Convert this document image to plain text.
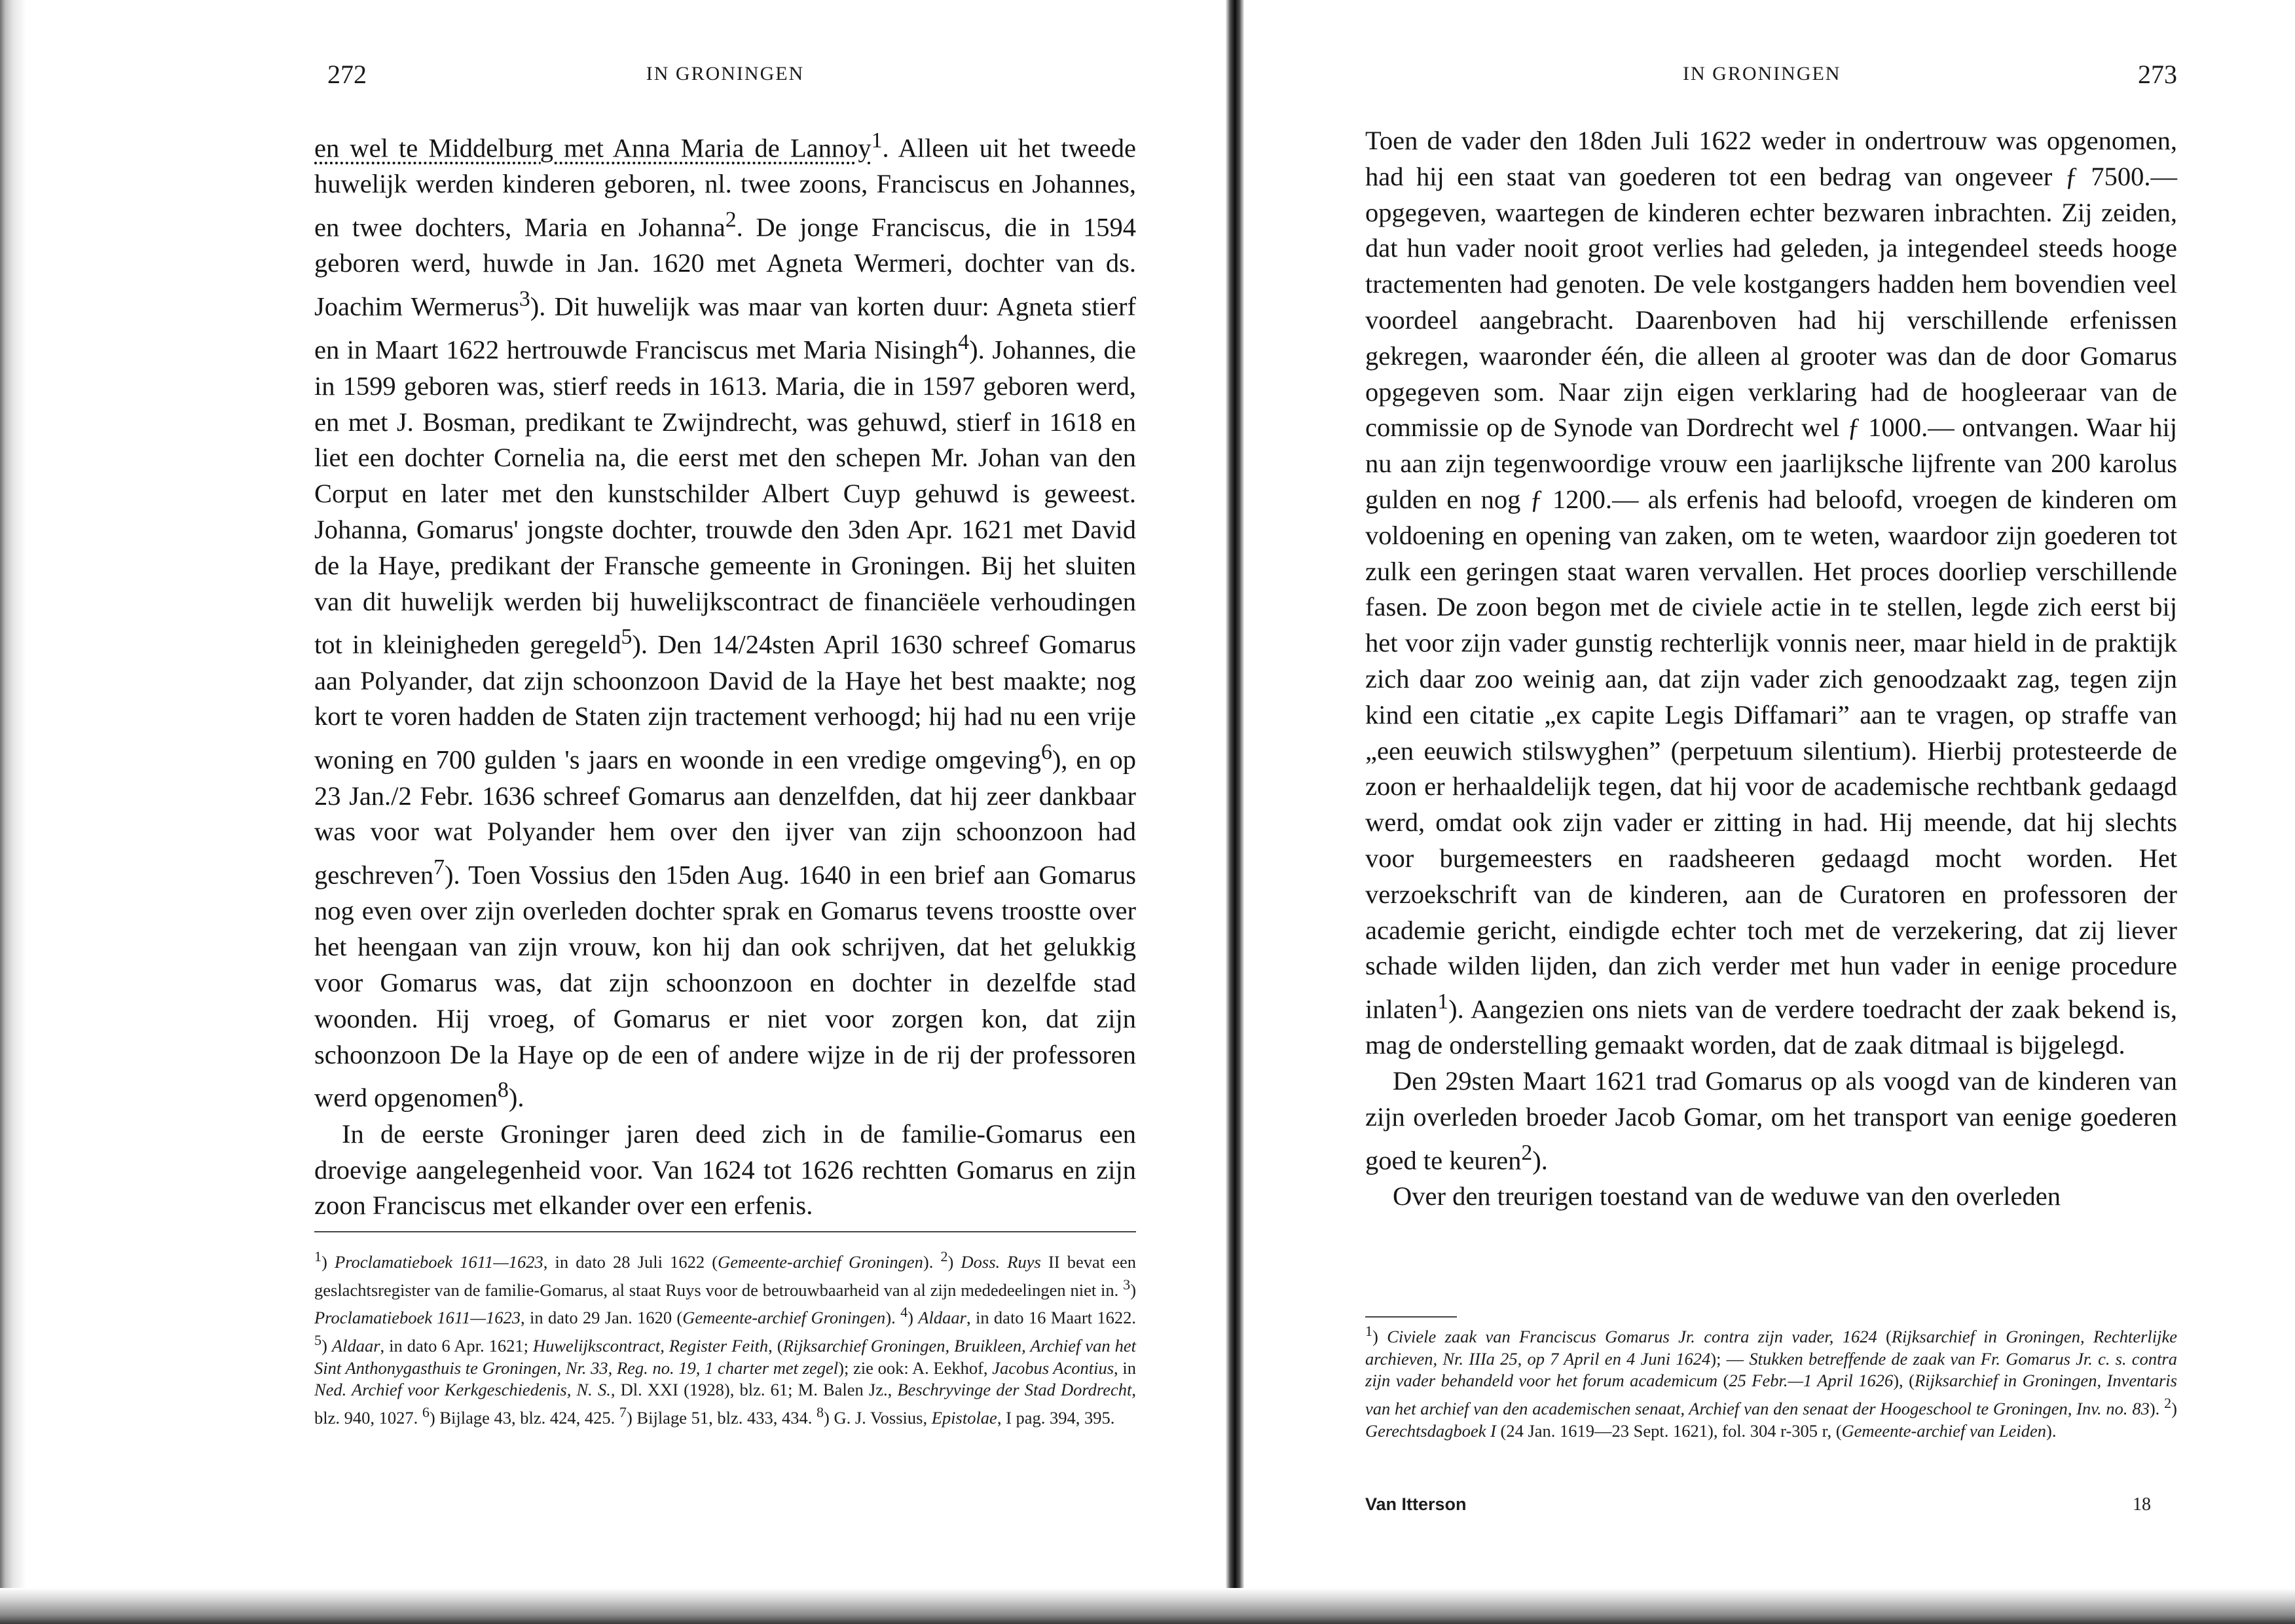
272	IN GRONINGEN

en wel te Middelburg met Anna Maria de Lannoy$^1$. Alleen uit het tweede huwelijk werden kinderen geboren, nl. twee zoons, Franciscus en Johannes, en twee dochters, Maria en Johanna$^2$. De jonge Franciscus, die in 1594 geboren werd, huwde in Jan. 1620 met Agneta Wermeri, dochter van ds. Joachim Wermerus$^3$). Dit huwelijk was maar van korten duur: Agneta stierf en in Maart 1622 hertrouwde Franciscus met Maria Nisingh$^4$). Johannes, die in 1599 geboren was, stierf reeds in 1613. Maria, die in 1597 geboren werd, en met J. Bosman, predikant te Zwijndrecht, was gehuwd, stierf in 1618 en liet een dochter Cornelia na, die eerst met den schepen Mr. Johan van den Corput en later met den kunstschilder Albert Cuyp gehuwd is geweest. Johanna, Gomarus' jongste dochter, trouwde den 3den Apr. 1621 met David de la Haye, predikant der Fransche gemeente in Groningen. Bij het sluiten van dit huwelijk werden bij huwelijkscontract de financiëele verhoudingen tot in kleinigheden geregeld$^5$). Den 14/24sten April 1630 schreef Gomarus aan Polyander, dat zijn schoonzoon David de la Haye het best maakte; nog kort te voren hadden de Staten zijn tractement verhoogd; hij had nu een vrije woning en 700 gulden 's jaars en woonde in een vredige omgeving$^6$), en op 23 Jan./2 Febr. 1636 schreef Gomarus aan denzelfden, dat hij zeer dankbaar was voor wat Polyander hem over den ijver van zijn schoonzoon had geschreven$^7$). Toen Vossius den 15den Aug. 1640 in een brief aan Gomarus nog even over zijn overleden dochter sprak en Gomarus tevens troostte over het heengaan van zijn vrouw, kon hij dan ook schrijven, dat het gelukkig voor Gomarus was, dat zijn schoonzoon en dochter in dezelfde stad woonden. Hij vroeg, of Gomarus er niet voor zorgen kon, dat zijn schoonzoon De la Haye op de een of andere wijze in de rij der professoren werd opgenomen$^8$).

In de eerste Groninger jaren deed zich in de familie-Gomarus een droevige aangelegenheid voor. Van 1624 tot 1626 rechtten Gomarus en zijn zoon Franciscus met elkander over een erfenis.

$^1$) Proclamatieboek 1611—1623, in dato 28 Juli 1622 (Gemeente-archief Groningen). $^2$) Doss. Ruys II bevat een geslachtsregister van de familie-Gomarus, al staat Ruys voor de betrouwbaarheid van al zijn mededeelingen niet in. $^3$) Proclamatieboek 1611—1623, in dato 29 Jan. 1620 (Gemeente-archief Groningen). $^4$) Aldaar, in dato 16 Maart 1622. $^5$) Aldaar, in dato 6 Apr. 1621; Huwelijkscontract, Register Feith, (Rijksarchief Groningen, Bruikleen, Archief van het Sint Anthonygasthuis te Groningen, Nr. 33, Reg. no. 19, 1 charter met zegel); zie ook: A. Eekhof, Jacobus Acontius, in Ned. Archief voor Kerkgeschiedenis, N. S., Dl. XXI (1928), blz. 61; M. Balen Jz., Beschryvinge der Stad Dordrecht, blz. 940, 1027. $^6$) Bijlage 43, blz. 424, 425. $^7$) Bijlage 51, blz. 433, 434. $^8$) G. J. Vossius, Epistolae, I pag. 394, 395.

IN GRONINGEN	273

Toen de vader den 18den Juli 1622 weder in ondertrouw was opgenomen, had hij een staat van goederen tot een bedrag van ongeveer ƒ 7500.— opgegeven, waartegen de kinderen echter bezwaren inbrachten. Zij zeiden, dat hun vader nooit groot verlies had geleden, ja integendeel steeds hooge tractementen had genoten. De vele kostgangers hadden hem bovendien veel voordeel aangebracht. Daarenboven had hij verschillende erfenissen gekregen, waaronder één, die alleen al grooter was dan de door Gomarus opgegeven som. Naar zijn eigen verklaring had de hoogleeraar van de commissie op de Synode van Dordrecht wel ƒ 1000.— ontvangen. Waar hij nu aan zijn tegenwoordige vrouw een jaarlijksche lijfrente van 200 karolus gulden en nog ƒ 1200.— als erfenis had beloofd, vroegen de kinderen om voldoening en opening van zaken, om te weten, waardoor zijn goederen tot zulk een geringen staat waren vervallen. Het proces doorliep verschillende fasen. De zoon begon met de civiele actie in te stellen, legde zich eerst bij het voor zijn vader gunstig rechterlijk vonnis neer, maar hield in de praktijk zich daar zoo weinig aan, dat zijn vader zich genoodzaakt zag, tegen zijn kind een citatie „ex capite Legis Diffamari” aan te vragen, op straffe van „een eeuwich stilswyghen” (perpetuum silentium). Hierbij protesteerde de zoon er herhaaldelijk tegen, dat hij voor de academische rechtbank gedaagd werd, omdat ook zijn vader er zitting in had. Hij meende, dat hij slechts voor burgemeesters en raadsheeren gedaagd mocht worden. Het verzoekschrift van de kinderen, aan de Curatoren en professoren der academie gericht, eindigde echter toch met de verzekering, dat zij liever schade wilden lijden, dan zich verder met hun vader in eenige procedure inlaten$^1$). Aangezien ons niets van de verdere toedracht der zaak bekend is, mag de onderstelling gemaakt worden, dat de zaak ditmaal is bijgelegd.

Den 29sten Maart 1621 trad Gomarus op als voogd van de kinderen van zijn overleden broeder Jacob Gomar, om het transport van eenige goederen goed te keuren$^2$).

Over den treurigen toestand van de weduwe van den overleden

$^1$) Civiele zaak van Franciscus Gomarus Jr. contra zijn vader, 1624 (Rijksarchief in Groningen, Rechterlijke archieven, Nr. IIIa 25, op 7 April en 4 Juni 1624); — Stukken betreffende de zaak van Fr. Gomarus Jr. c. s. contra zijn vader behandeld voor het forum academicum (25 Febr.—1 April 1626), (Rijksarchief in Groningen, Inventaris van het archief van den academischen senaat, Archief van den senaat der Hoogeschool te Groningen, Inv. no. 83). $^2$) Gerechtsdagboek I (24 Jan. 1619—23 Sept. 1621), fol. 304 r-305 r, (Gemeente-archief van Leiden).

Van Itterson	18
